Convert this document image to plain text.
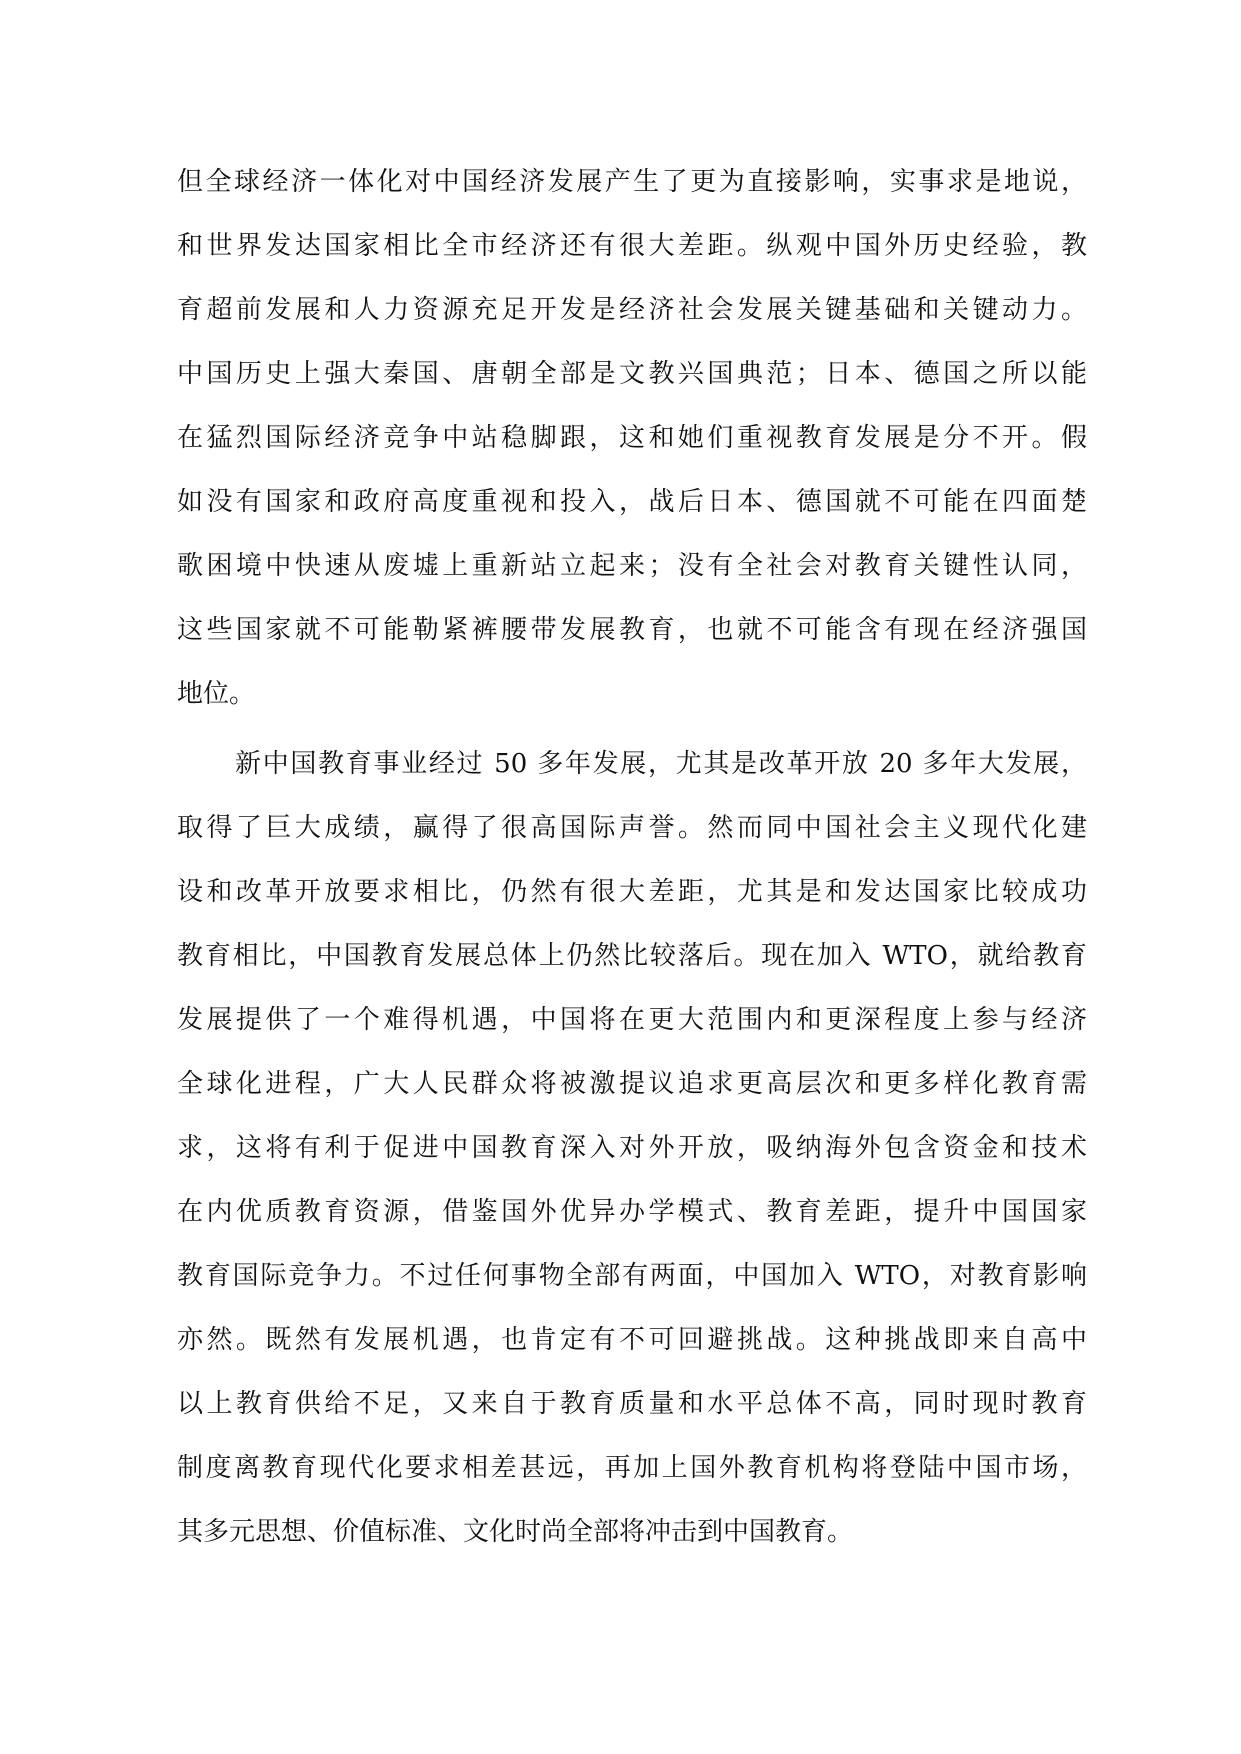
但全球经济一体化对中国经济发展产生了更为直接影响，实事求是地说，
和世界发达国家相比全市经济还有很大差距。纵观中国外历史经验，教
育超前发展和人力资源充足开发是经济社会发展关键基础和关键动力。
中国历史上强大秦国、唐朝全部是文教兴国典范；日本、德国之所以能
在猛烈国际经济竞争中站稳脚跟，这和她们重视教育发展是分不开。假
如没有国家和政府高度重视和投入，战后日本、德国就不可能在四面楚
歌困境中快速从废墟上重新站立起来；没有全社会对教育关键性认同，
这些国家就不可能勒紧裤腰带发展教育，也就不可能含有现在经济强国
地位。
新中国教育事业经过 50 多年发展，尤其是改革开放 20 多年大发展，
取得了巨大成绩，赢得了很高国际声誉。然而同中国社会主义现代化建
设和改革开放要求相比，仍然有很大差距，尤其是和发达国家比较成功
教育相比，中国教育发展总体上仍然比较落后。现在加入 WTO，就给教育
发展提供了一个难得机遇，中国将在更大范围内和更深程度上参与经济
全球化进程，广大人民群众将被激提议追求更高层次和更多样化教育需
求，这将有利于促进中国教育深入对外开放，吸纳海外包含资金和技术
在内优质教育资源，借鉴国外优异办学模式、教育差距，提升中国国家
教育国际竞争力。不过任何事物全部有两面，中国加入 WTO，对教育影响
亦然。既然有发展机遇，也肯定有不可回避挑战。这种挑战即来自高中
以上教育供给不足，又来自于教育质量和水平总体不高，同时现时教育
制度离教育现代化要求相差甚远，再加上国外教育机构将登陆中国市场，
其多元思想、价值标准、文化时尚全部将冲击到中国教育。
